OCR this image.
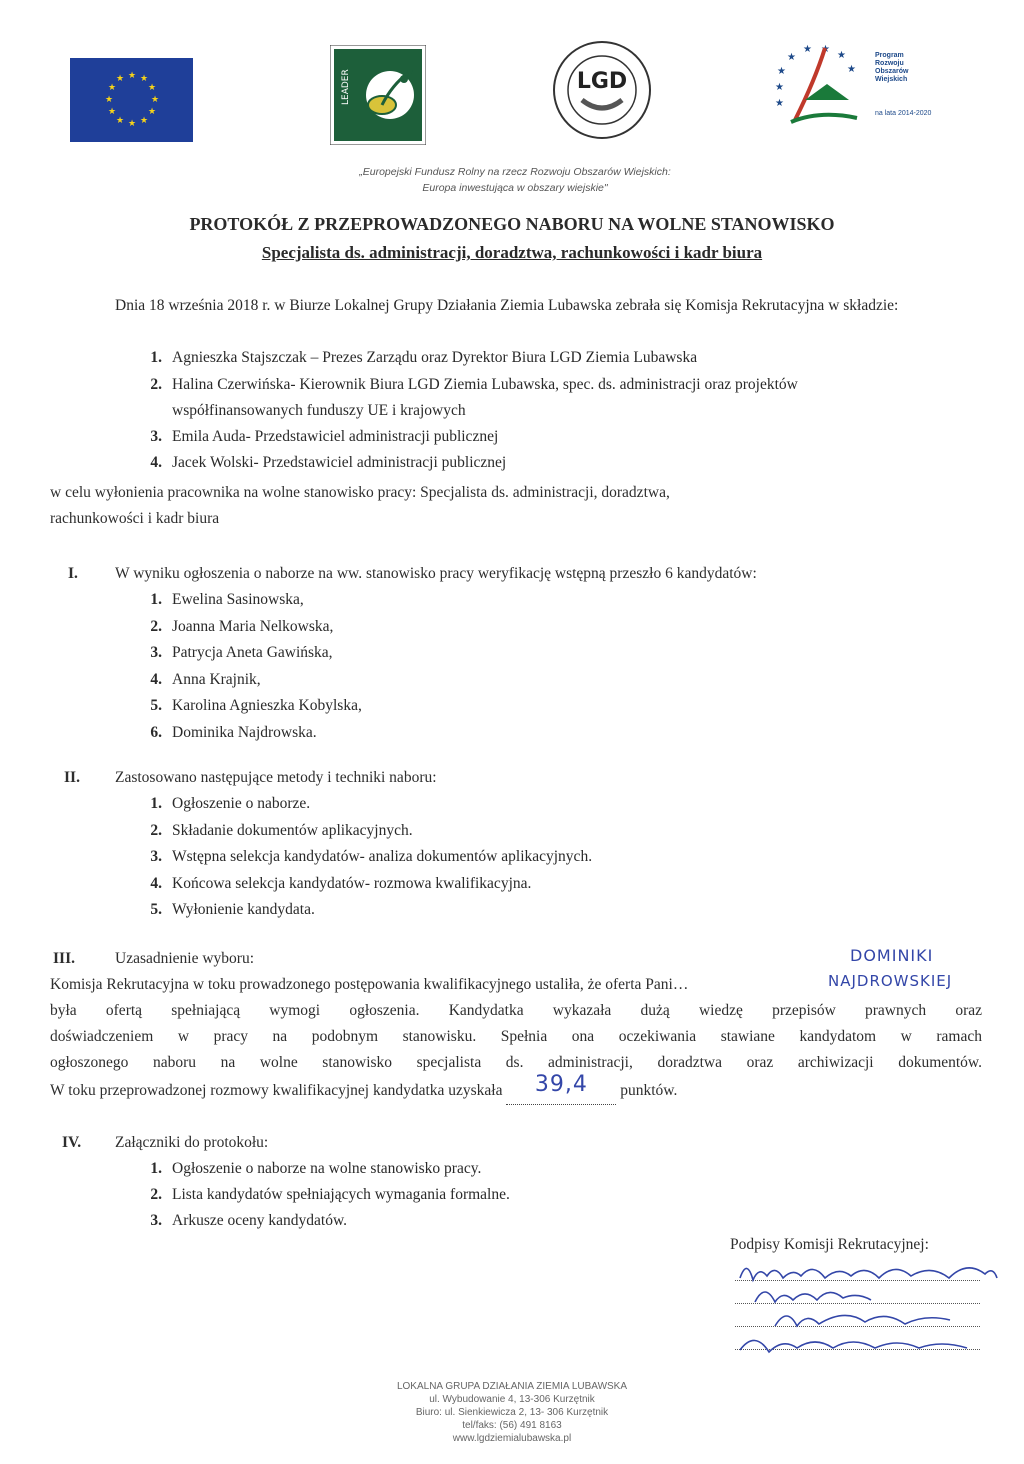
★ ★
★
★
★
★
★
★
★
★
★
★	LEADER	LGD	★
★
★
★ ★
★
★
★
Program
Rozwoju
Obszarów
Wiejskich
na lata 2014-2020
„Europejski Fundusz Rolny na rzecz Rozwoju Obszarów Wiejskich:
Europa inwestująca w obszary wiejskie"
PROTOKÓŁ Z PRZEPROWADZONEGO NABORU NA WOLNE STANOWISKO
Specjalista ds. administracji, doradztwa, rachunkowości i kadr biura
Dnia 18 września 2018 r. w Biurze Lokalnej Grupy Działania Ziemia Lubawska zebrała się Komisja Rekrutacyjna w składzie:
1. Agnieszka Stajszczak – Prezes Zarządu oraz Dyrektor Biura LGD Ziemia Lubawska
2. Halina Czerwińska- Kierownik Biura LGD Ziemia Lubawska, spec. ds. administracji oraz projektów
współfinansowanych funduszy UE i krajowych
3. Emila Auda- Przedstawiciel administracji publicznej
4. Jacek Wolski- Przedstawiciel administracji publicznej
w celu wyłonienia pracownika na wolne stanowisko pracy: Specjalista ds. administracji, doradztwa,
rachunkowości i kadr biura
I. W wyniku ogłoszenia o naborze na ww. stanowisko pracy weryfikację wstępną przeszło 6 kandydatów:
1. Ewelina Sasinowska,
2. Joanna Maria Nelkowska,
3. Patrycja Aneta Gawińska,
4. Anna Krajnik,
5. Karolina Agnieszka Kobylska,
6. Dominika Najdrowska.
II. Zastosowano następujące metody i techniki naboru:
1. Ogłoszenie o naborze.
2. Składanie dokumentów aplikacyjnych.
3. Wstępna selekcja kandydatów- analiza dokumentów aplikacyjnych.
4. Końcowa selekcja kandydatów- rozmowa kwalifikacyjna.
5. Wyłonienie kandydata.
III.	Uzasadnienie wyboru:	DOMINIKI
Komisja Rekrutacyjna w toku prowadzonego postępowania kwalifikacyjnego ustaliła, że oferta Pani…	NAJDROWSKIEJ
była ofertą spełniającą wymogi ogłoszenia. Kandydatka wykazała dużą wiedzę przepisów prawnych oraz
doświadczeniem w pracy na podobnym stanowisku. Spełnia ona oczekiwania stawiane kandydatom w ramach
ogłoszonego naboru na wolne stanowisko specjalista ds. administracji, doradztwa oraz archiwizacji dokumentów.
W toku przeprowadzonej rozmowy kwalifikacyjnej kandydatka uzyskała 39,4 punktów.
IV. Załączniki do protokołu:
1. Ogłoszenie o naborze na wolne stanowisko pracy.
2. Lista kandydatów spełniających wymagania formalne.
3. Arkusze oceny kandydatów.
Podpisy Komisji Rekrutacyjnej:
LOKALNA GRUPA DZIAŁANIA ZIEMIA LUBAWSKA
ul. Wybudowanie 4, 13-306 Kurzętnik
Biuro: ul. Sienkiewicza 2, 13- 306 Kurzętnik
tel/faks: (56) 491 8163
www.lgdziemialubawska.pl
